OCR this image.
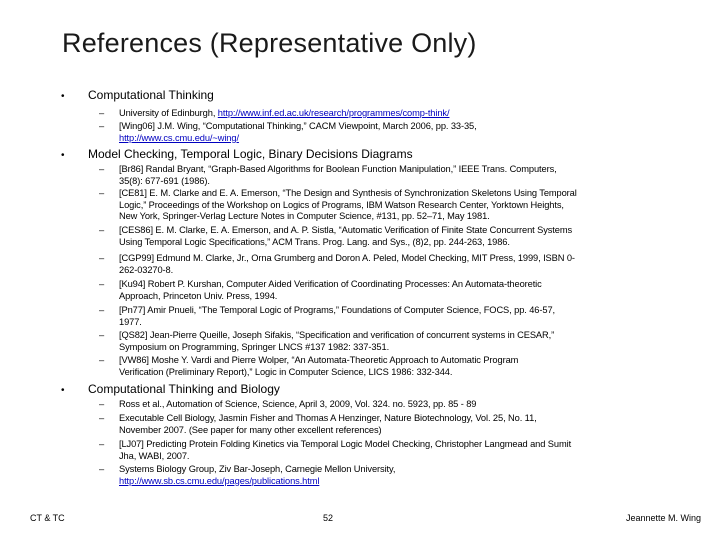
References (Representative Only)
• Computational Thinking
– University of Edinburgh, http://www.inf.ed.ac.uk/research/programmes/comp-think/
– [Wing06] J.M. Wing, “Computational Thinking,” CACM Viewpoint, March 2006, pp. 33-35,
http://www.cs.cmu.edu/~wing/
• Model Checking, Temporal Logic, Binary Decisions Diagrams
– [Br86] Randal Bryant, “Graph-Based Algorithms for Boolean Function Manipulation,” IEEE Trans. Computers,
35(8): 677-691 (1986).
– [CE81] E. M. Clarke and E. A. Emerson, “The Design and Synthesis of Synchronization Skeletons Using Temporal
Logic,” Proceedings of the Workshop on Logics of Programs, IBM Watson Research Center, Yorktown Heights,
New York, Springer-Verlag Lecture Notes in Computer Science, #131, pp. 52–71, May 1981.
– [CES86] E. M. Clarke, E. A. Emerson, and A. P. Sistla, “Automatic Verification of Finite State Concurrent Systems
Using Temporal Logic Specifications,” ACM Trans. Prog. Lang. and Sys., (8)2, pp. 244-263, 1986.
– [CGP99] Edmund M. Clarke, Jr., Orna Grumberg and Doron A. Peled, Model Checking, MIT Press, 1999, ISBN 0-
262-03270-8.
– [Ku94] Robert P. Kurshan, Computer Aided Verification of Coordinating Processes: An Automata-theoretic
Approach, Princeton Univ. Press, 1994.
– [Pn77] Amir Pnueli, “The Temporal Logic of Programs,” Foundations of Computer Science, FOCS, pp. 46-57,
1977.
– [QS82] Jean-Pierre Queille, Joseph Sifakis, “Specification and verification of concurrent systems in CESAR,”
Symposium on Programming, Springer LNCS #137 1982: 337-351.
– [VW86] Moshe Y. Vardi and Pierre Wolper, “An Automata-Theoretic Approach to Automatic Program
Verification (Preliminary Report),” Logic in Computer Science, LICS 1986: 332-344.
• Computational Thinking and Biology
– Ross et al., Automation of Science, Science, April 3, 2009, Vol. 324. no. 5923, pp. 85 - 89
– Executable Cell Biology, Jasmin Fisher and Thomas A Henzinger, Nature Biotechnology, Vol. 25, No. 11,
November 2007. (See paper for many other excellent references)
– [LJ07] Predicting Protein Folding Kinetics via Temporal Logic Model Checking, Christopher Langmead and Sumit
Jha, WABI, 2007.
– Systems Biology Group, Ziv Bar-Joseph, Carnegie Mellon University,
http://www.sb.cs.cmu.edu/pages/publications.html
CT & TC	52	Jeannette M. Wing
